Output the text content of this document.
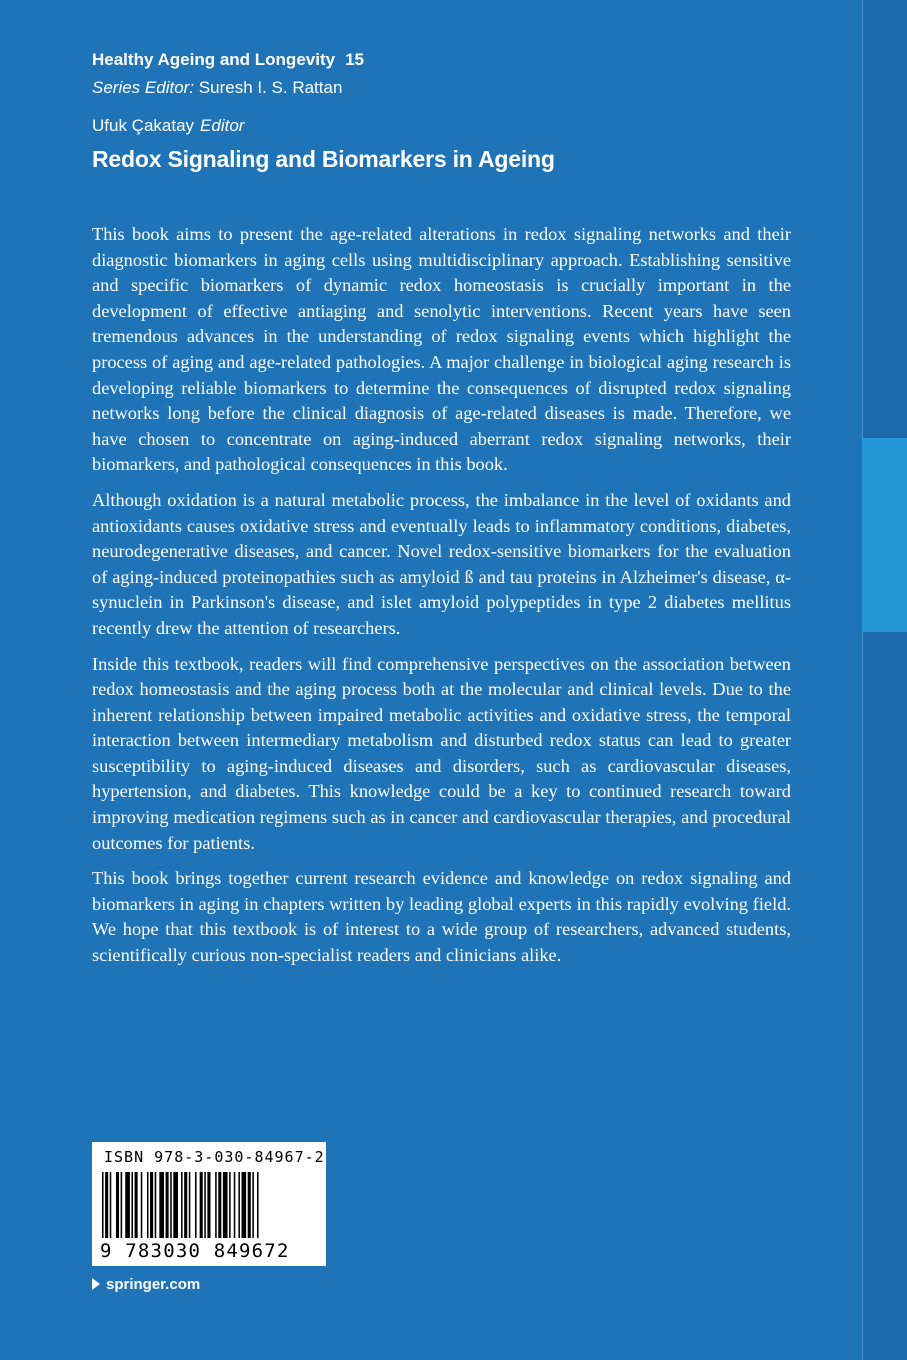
Healthy Ageing and Longevity 15
Series Editor: Suresh I. S. Rattan
Ufuk Çakatay Editor
Redox Signaling and Biomarkers in Ageing

This book aims to present the age-related alterations in redox signaling networks and their diagnostic biomarkers in aging cells using multidisciplinary approach. Establishing sensitive and specific biomarkers of dynamic redox homeostasis is crucially important in the development of effective antiaging and senolytic interventions. Recent years have seen tremendous advances in the understanding of redox signaling events which highlight the process of aging and age-related pathologies. A major challenge in biological aging research is developing reliable biomarkers to determine the consequences of disrupted redox signaling networks long before the clinical diagnosis of age-related diseases is made. Therefore, we have chosen to concentrate on aging-induced aberrant redox signaling networks, their biomarkers, and pathological consequences in this book.

Although oxidation is a natural metabolic process, the imbalance in the level of oxidants and antioxidants causes oxidative stress and eventually leads to inflammatory conditions, diabetes, neurodegenerative diseases, and cancer. Novel redox-sensitive biomarkers for the evaluation of aging-induced proteinopathies such as amyloid ß and tau proteins in Alzheimer's disease, α-synuclein in Parkinson's disease, and islet amyloid polypeptides in type 2 diabetes mellitus recently drew the attention of researchers.

Inside this textbook, readers will find comprehensive perspectives on the association between redox homeostasis and the aging process both at the molecular and clinical levels. Due to the inherent relationship between impaired metabolic activities and oxidative stress, the temporal interaction between intermediary metabolism and disturbed redox status can lead to greater susceptibility to aging-induced diseases and disorders, such as cardiovascular diseases, hypertension, and diabetes. This knowledge could be a key to continued research toward improving medication regimens such as in cancer and cardiovascular therapies, and procedural outcomes for patients.

This book brings together current research evidence and knowledge on redox signaling and biomarkers in aging in chapters written by leading global experts in this rapidly evolving field. We hope that this textbook is of interest to a wide group of researchers, advanced students, scientifically curious non-specialist readers and clinicians alike.

ISBN 978-3-030-84967-2
9 783030 849672
springer.com
